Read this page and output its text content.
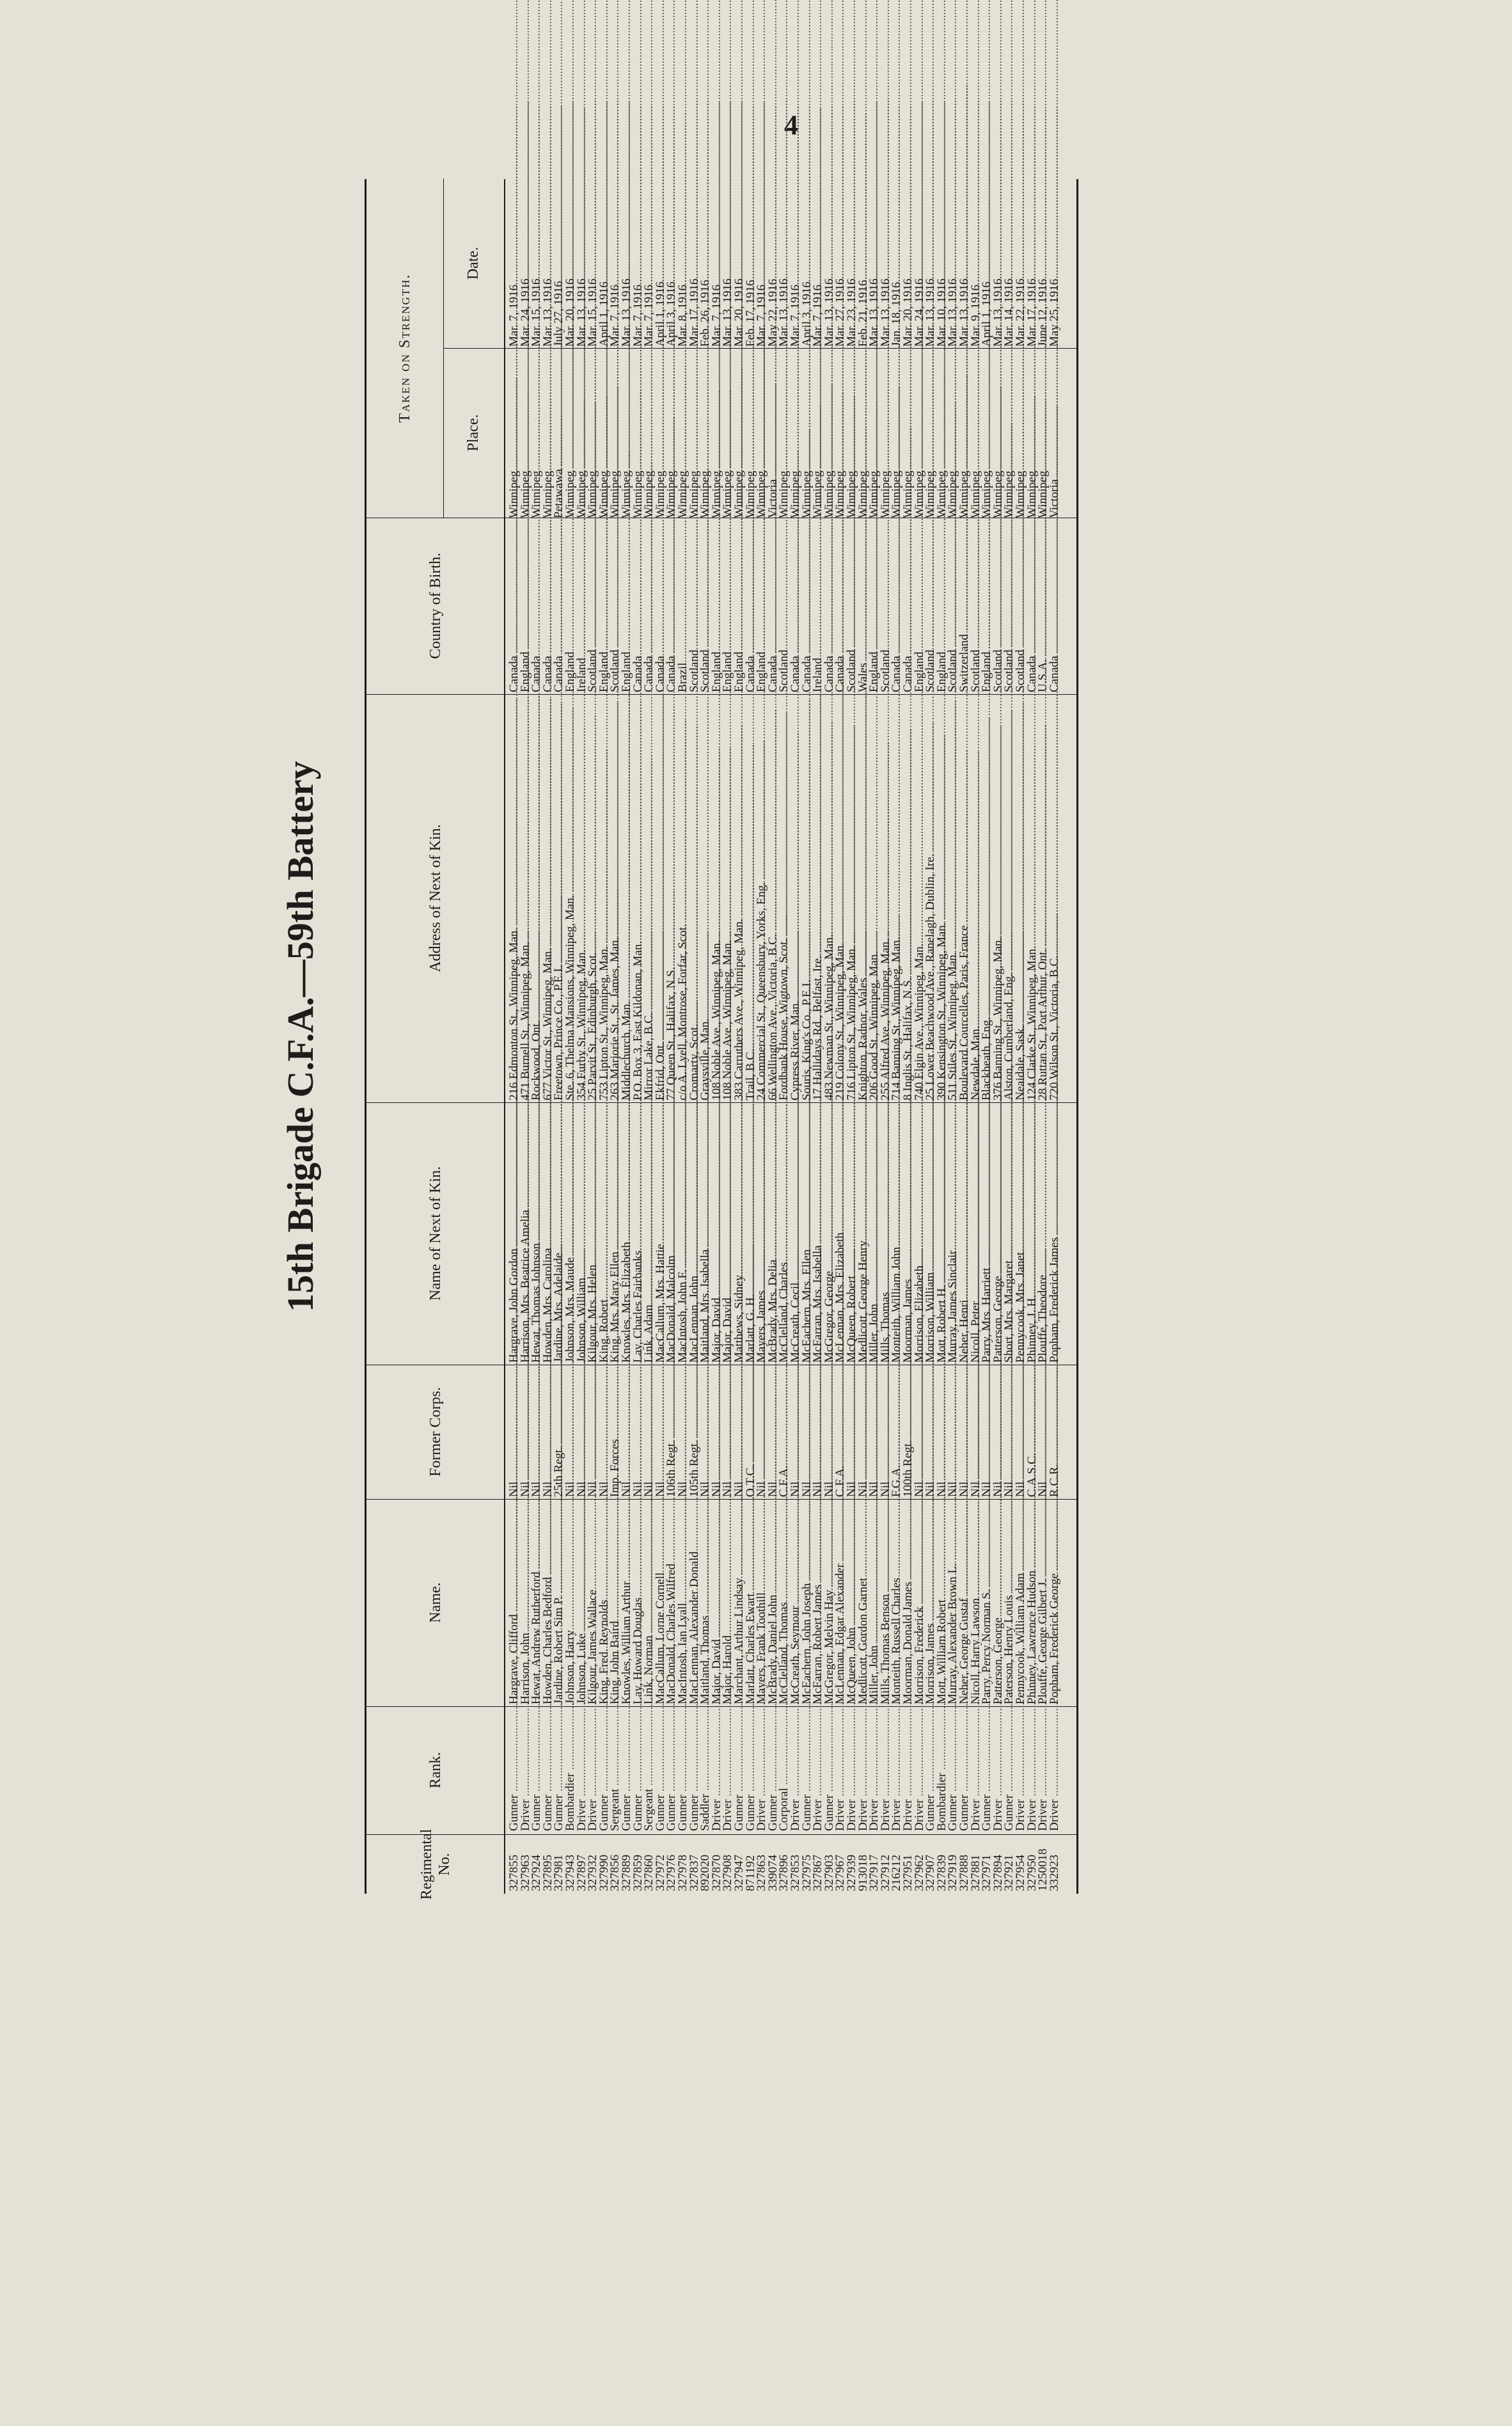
4
15th Brigade C.F.A.—59th Battery
Regimental No.
Rank.
Name.
Former Corps.
Name of Next of Kin.
Address of Next of Kin.
Country of Birth.
Taken on Strength.
Place.
Date.
327855
Gunner .....
Hargrave, Clifford .....
Nil .....
Hargrave, John Gordon .....
216 Edmonton St., Winnipeg, Man. .....
Canada .....
Winnipeg .....
Mar. 7, 1916
327963
Driver .....
Harrison, John .....
Nil .....
Harrison, Mrs. Beatrice Amelia .....
471 Burnell St., Winnipeg, Man. .....
England .....
Winnipeg .....
Mar. 24, 1916
327924
Gunner .....
Hewat, Andrew Rutherford .....
Nil .....
Hewat, Thomas Johnson .....
Rockwood, Ont. .....
Canada .....
Winnipeg .....
Mar. 15, 1916
327895
Gunner .....
Howden, Charles Bedford .....
Nil .....
Howden, Mrs. Carolina .....
677 Victor St., Winnipeg, Man. .....
Canada .....
Winnipeg .....
Mar. 13, 1916
327981
Gunner .....
Jardine, Robert Sim P. .....
25th Regt. .....
Jardine, Mrs. Adelaide .....
Freetown, Prince Co., P.E.I. .....
Canada .....
Petawawa .....
July 27, 1916
327943
Bombardier .....
Johnson, Harry .....
Nil .....
Johnson, Mrs. Maude .....
Ste. 6, Thelma Mansions, Winnipeg, Man. .....
England .....
Winnipeg .....
Mar. 20, 1916
327897
Driver .....
Johnson, Luke .....
Nil .....
Johnson, William .....
354 Furby St., Winnipeg, Man. .....
Ireland .....
Winnipeg .....
Mar. 13, 1916
327932
Driver .....
Kilgour, James Wallace .....
Nil .....
Kilgour, Mrs. Helen .....
25 Parvit St., Edinburgh, Scot. .....
Scotland .....
Winnipeg .....
Mar. 15, 1916
327990
Gunner .....
King, Fred. Reynolds .....
Nil .....
King, Robert .....
753 Lipton St., Winnipeg, Man. .....
England .....
Winnipeg .....
April 1, 1916
327856
Sergeant .....
King, John Baird .....
Imp. Forces .....
King, Mrs. Mary Ellen .....
263 Marjorie St., St. James, Man. .....
Scotland .....
Winnipeg .....
Mar. 7, 1916
327889
Gunner .....
Knowles, William Arthur .....
Nil .....
Knowles, Mrs. Elizabeth .....
Middlechurch, Man. .....
England .....
Winnipeg .....
Mar. 13, 1916
327859
Gunner .....
Lay, Howard Douglas .....
Nil .....
Lay, Charles Fairbanks .....
P.O. Box 3, East Kildonan, Man. .....
Canada .....
Winnipeg .....
Mar. 7, 1916
327860
Sergeant .....
Link, Norman .....
Nil .....
Link, Adam .....
Mirror Lake, B.C. .....
Canada .....
Winnipeg .....
Mar. 7, 1916
327972
Gunner .....
MacCallum, Lorne Cornell .....
Nil .....
MacCallum, Mrs. Hattie .....
Ekfrid, Ont. .....
Canada .....
Winnipeg .....
April 1, 1916
327976
Gunner .....
MacDonald, Charles Wilfred .....
106th Regt. .....
MacDonald, Malcolm .....
77 Queen St., Halifax, N.S. .....
Canada .....
Winnipeg .....
April 3, 1916
327978
Gunner .....
MacIntosh, Ian Lyall .....
Nil .....
MacIntosh, John F. .....
c/o A. Lyell, Montrose, Forfar, Scot. .....
Brazil .....
Winnipeg .....
Mar. 8, 1916
327837
Gunner .....
MacLennan, Alexander Donald .....
105th Regt. .....
MacLennan, John .....
Cromarty, Scot. .....
Scotland .....
Winnipeg .....
Mar. 17, 1916
892020
Saddler .....
Maitland, Thomas .....
Nil .....
Maitland, Mrs. Isabella .....
Graysville, Man. .....
Scotland .....
Winnipeg .....
Feb. 26, 1916
327870
Driver .....
Major, David .....
Nil .....
Major, David .....
108 Noble Ave., Winnipeg, Man. .....
England .....
Winnipeg .....
Mar. 7, 1916
327908
Driver .....
Major, Harold .....
Nil .....
Major, David .....
108 Noble Ave., Winnipeg, Man. .....
England .....
Winnipeg .....
Mar. 13, 1916
327947
Gunner .....
Marchant, Arthur Lindsay .....
Nil .....
Matthews, Sidney .....
383 Carruthers Ave., Winnipeg, Man. .....
England .....
Winnipeg .....
Mar. 20, 1916
871192
Gunner .....
Marlatt, Charles Ewart .....
O.T.C. .....
Marlatt, G. H. .....
Trail, B.C. .....
Canada .....
Winnipeg .....
Feb. 17, 1916
327863
Driver .....
Mayers, Frank Toothill .....
Nil .....
Mayers, James .....
24 Commercial St., Queensbury, Yorks, Eng. .....
England .....
Winnipeg .....
Mar. 7, 1916
339074
Gunner .....
McBrady, Daniel John .....
Nil .....
McBrady, Mrs. Delia .....
66 Wellington Ave., Victoria, B.C. .....
Canada .....
Victoria .....
May 22, 1916
327896
Corporal .....
McClelland, Thomas .....
C.F.A. .....
McClelland, Charles .....
Fordbank House, Wigtown, Scot. .....
Scotland .....
Winnipeg .....
Mar. 13, 1916
327853
Driver .....
McCreath, Seymour .....
Nil .....
McCreath, Cecil .....
Cypress River, Man. .....
Canada .....
Winnipeg .....
Mar. 7, 1916
327975
Gunner .....
McEachern, John Joseph .....
Nil .....
McEachern, Mrs. Ellen .....
Souris, King's Co., P.E.I. .....
Canada .....
Winnipeg .....
April 3, 1916
327867
Driver .....
McFarran, Robert James .....
Nil .....
McFarran, Mrs. Isabella .....
17 Hallidays Rd., Belfast, Ire. .....
Ireland .....
Winnipeg .....
Mar. 7, 1916
327903
Gunner .....
McGregor, Melvin Hay .....
Nil .....
McGregor, George .....
483 Newman St., Winnipeg, Man. .....
Canada .....
Winnipeg .....
Mar. 13, 1916
327967
Driver .....
McLennan, Edgar Alexander .....
C.F.A. .....
McLennan, Mrs. Elizabeth .....
219 Colony St., Winnipeg, Man. .....
Canada .....
Winnipeg .....
Mar. 27, 1916
327939
Driver .....
McQueen, John .....
Nil .....
McQueen, Robert .....
716 Lipton St., Winnipeg, Man. .....
Scotland .....
Winnipeg .....
Mar. 23, 1916
913018
Driver .....
Medlicott, Gordon Garnet .....
Nil .....
Medlicott, George Henry .....
Knighton, Radnor, Wales .....
Wales .....
Winnipeg .....
Feb. 21, 1916
327917
Driver .....
Miller, John .....
Nil .....
Miller, John .....
206 Good St., Winnipeg, Man. .....
England .....
Winnipeg .....
Mar. 13, 1916
327912
Driver .....
Mills, Thomas Benson .....
Nil .....
Mills, Thomas .....
255 Alfred Ave., Winnipeg, Man. .....
Scotland .....
Winnipeg .....
Mar. 13, 1916
216212
Driver .....
Monteith, Russell Charles .....
F.G.A. .....
Monteith, William John .....
714 Banning St., Winnipeg, Man. .....
Canada .....
Winnipeg .....
Jan. 18, 1916
327951
Driver .....
Moorman, Donald James .....
100th Regt. .....
Moorman, James .....
8 Inglis St., Halifax, N.S. .....
Canada .....
Winnipeg .....
Mar. 20, 1916
327962
Driver .....
Morrison, Frederick .....
Nil .....
Morrison, Elizabeth .....
740 Elgin Ave., Winnipeg, Man. .....
England .....
Winnipeg .....
Mar. 24, 1916
327907
Gunner .....
Morrison, James .....
Nil .....
Morrison, William .....
25 Lower Beachwood Ave., Ranelagh, Dublin, Ire. .....
Scotland .....
Winnipeg .....
Mar. 13, 1916
327839
Bombardier .....
Mott, William Robert .....
Nil .....
Mott, Robert H. .....
390 Kensington St., Winnipeg, Man. .....
England .....
Winnipeg .....
Mar. 10, 1916
327919
Gunner .....
Murray, Alexander Brown L. .....
Nil .....
Murray, James Sinclair .....
511 Stiles St., Winnipeg, Man. .....
Scotland .....
Winnipeg .....
Mar. 13, 1916
327888
Gunner .....
Neher, George Gustaf .....
Nil .....
Neher, Henri .....
Boulevard Courcelles, Paris, France .....
Switzerland .....
Winnipeg .....
Mar. 13, 1916
327881
Driver .....
Nicoll, Harry Lawson .....
Nil .....
Nicoll, Peter .....
Newdale, Man. .....
Scotland .....
Winnipeg .....
Mar. 9, 1916
327971
Gunner .....
Parry, Percy Norman S. .....
Nil .....
Parry, Mrs. Harriett .....
Blackheath, Eng. .....
England .....
Winnipeg .....
April 1, 1916
327894
Driver .....
Patterson, George .....
Nil .....
Patterson, George .....
376 Banning St., Winnipeg, Man. .....
Scotland .....
Winnipeg .....
Mar. 13, 1916
327921
Gunner .....
Paterson, Henry Louis .....
Nil .....
Short, Mrs. Margaret .....
Alston, Cumberland, Eng. .....
Scotland .....
Winnipeg .....
Mar. 14, 1916
327954
Driver .....
Pennycook, William Adam .....
Nil .....
Pennycook, Mrs. Janet .....
Neaidale, Sask. .....
Scotland .....
Winnipeg .....
Mar. 22, 1916
327950
Driver .....
Phinney, Lawrence Hudson .....
C.A.S.C. .....
Phinney, J. H. .....
124 Clarke St., Winnipeg, Man. .....
Canada .....
Winnipeg .....
Mar. 17, 1916
1250018
Driver .....
Plouffe, George Gilbert J. .....
Nil .....
Plouffe, Theodore .....
28 Ruttan St., Port Arthur, Ont. .....
U.S.A. .....
Winnipeg .....
June 12, 1916
332923
Driver .....
Popham, Frederick George .....
R.C.R. .....
Popham, Frederick James .....
720 Wilson St., Victoria, B.C. .....
Canada .....
Victoria .....
May 25, 1916
